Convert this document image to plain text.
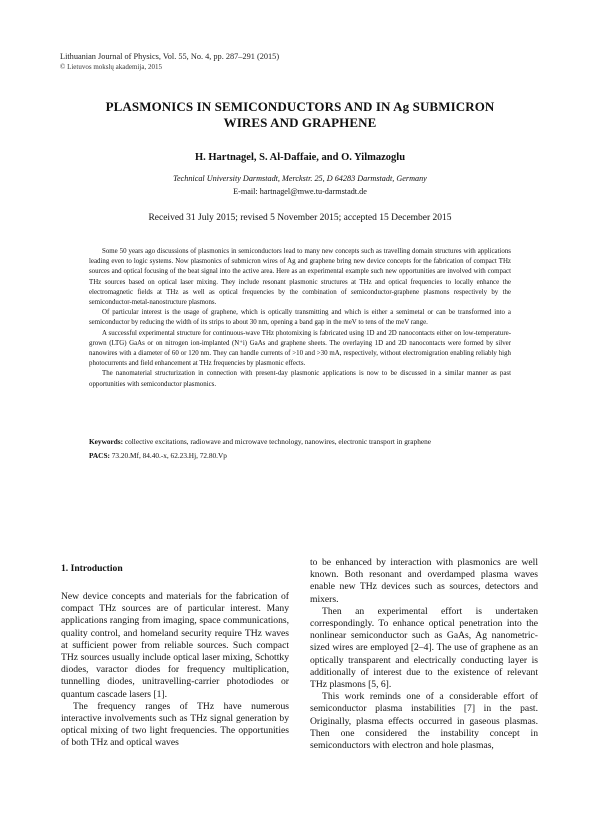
Lithuanian Journal of Physics, Vol. 55, No. 4, pp. 287–291 (2015)
© Lietuvos mokslų akademija, 2015
PLASMONICS IN SEMICONDUCTORS AND IN Ag SUBMICRON
WIRES AND GRAPHENE
H. Hartnagel, S. Al-Daffaie, and O. Yilmazoglu
Technical University Darmstadt, Merckstr. 25, D 64283 Darmstadt, Germany
E-mail: hartnagel@mwe.tu-darmstadt.de
Received 31 July 2015; revised 5 November 2015; accepted 15 December 2015

Some 50 years ago discussions of plasmonics in semiconductors lead to many new concepts such as travelling domain structures with applications leading even to logic systems. Now plasmonics of submicron wires of Ag and graphene bring new device concepts for the fabrication of compact THz sources and optical focusing of the beat signal into the active area. Here as an experimental example such new opportunities are involved with compact THz sources based on optical laser mixing. They include resonant plasmonic structures at THz and optical frequencies to locally enhance the electromagnetic fields at THz as well as optical frequencies by the combination of semiconductor-graphene plasmons respectively by the semiconductor-metal-nanostructure plasmons.

Of particular interest is the usage of graphene, which is optically transmitting and which is either a semimetal or can be transformed into a semiconductor by reducing the width of its strips to about 30 nm, opening a band gap in the meV to tens of the meV range.

A successful experimental structure for continuous-wave THz photomixing is fabricated using 1D and 2D nanocontacts either on low-temperature-grown (LTG) GaAs or on nitrogen ion-implanted (N⁺i) GaAs and graphene sheets. The overlaying 1D and 2D nanocontacts were formed by silver nanowires with a diameter of 60 or 120 nm. They can handle currents of >10 and >30 mA, respectively, without electromigration enabling reliably high photocurrents and field enhancement at THz frequencies by plasmonic effects.

The nanomaterial structurization in connection with present-day plasmonic applications is now to be discussed in a similar manner as past opportunities with semiconductor plasmonics.

Keywords: collective excitations, radiowave and microwave technology, nanowires, electronic transport in graphene
PACS: 73.20.Mf, 84.40.-x, 62.23.Hj, 72.80.Vp
1. Introduction

New device concepts and materials for the fabrication of compact THz sources are of particular interest. Many applications ranging from imaging, space communications, quality control, and homeland security require THz waves at sufficient power from reliable sources. Such compact THz sources usually include optical laser mixing, Schottky diodes, varactor diodes for frequency multiplication, tunnelling diodes, unitravelling-carrier photodiodes or quantum cascade lasers [1].

The frequency ranges of THz have numerous interactive involvements such as THz signal generation by optical mixing of two light frequencies. The opportunities of both THz and optical waves

to be enhanced by interaction with plasmonics are well known. Both resonant and overdamped plasma waves enable new THz devices such as sources, detectors and mixers.

Then an experimental effort is undertaken correspondingly. To enhance optical penetration into the nonlinear semiconductor such as GaAs, Ag nanometric-sized wires are employed [2–4]. The use of graphene as an optically transparent and electrically conducting layer is additionally of interest due to the existence of relevant THz plasmons [5, 6].

This work reminds one of a considerable effort of semiconductor plasma instabilities [7] in the past. Originally, plasma effects occurred in gaseous plasmas. Then one considered the instability concept in semiconductors with electron and hole plasmas,
